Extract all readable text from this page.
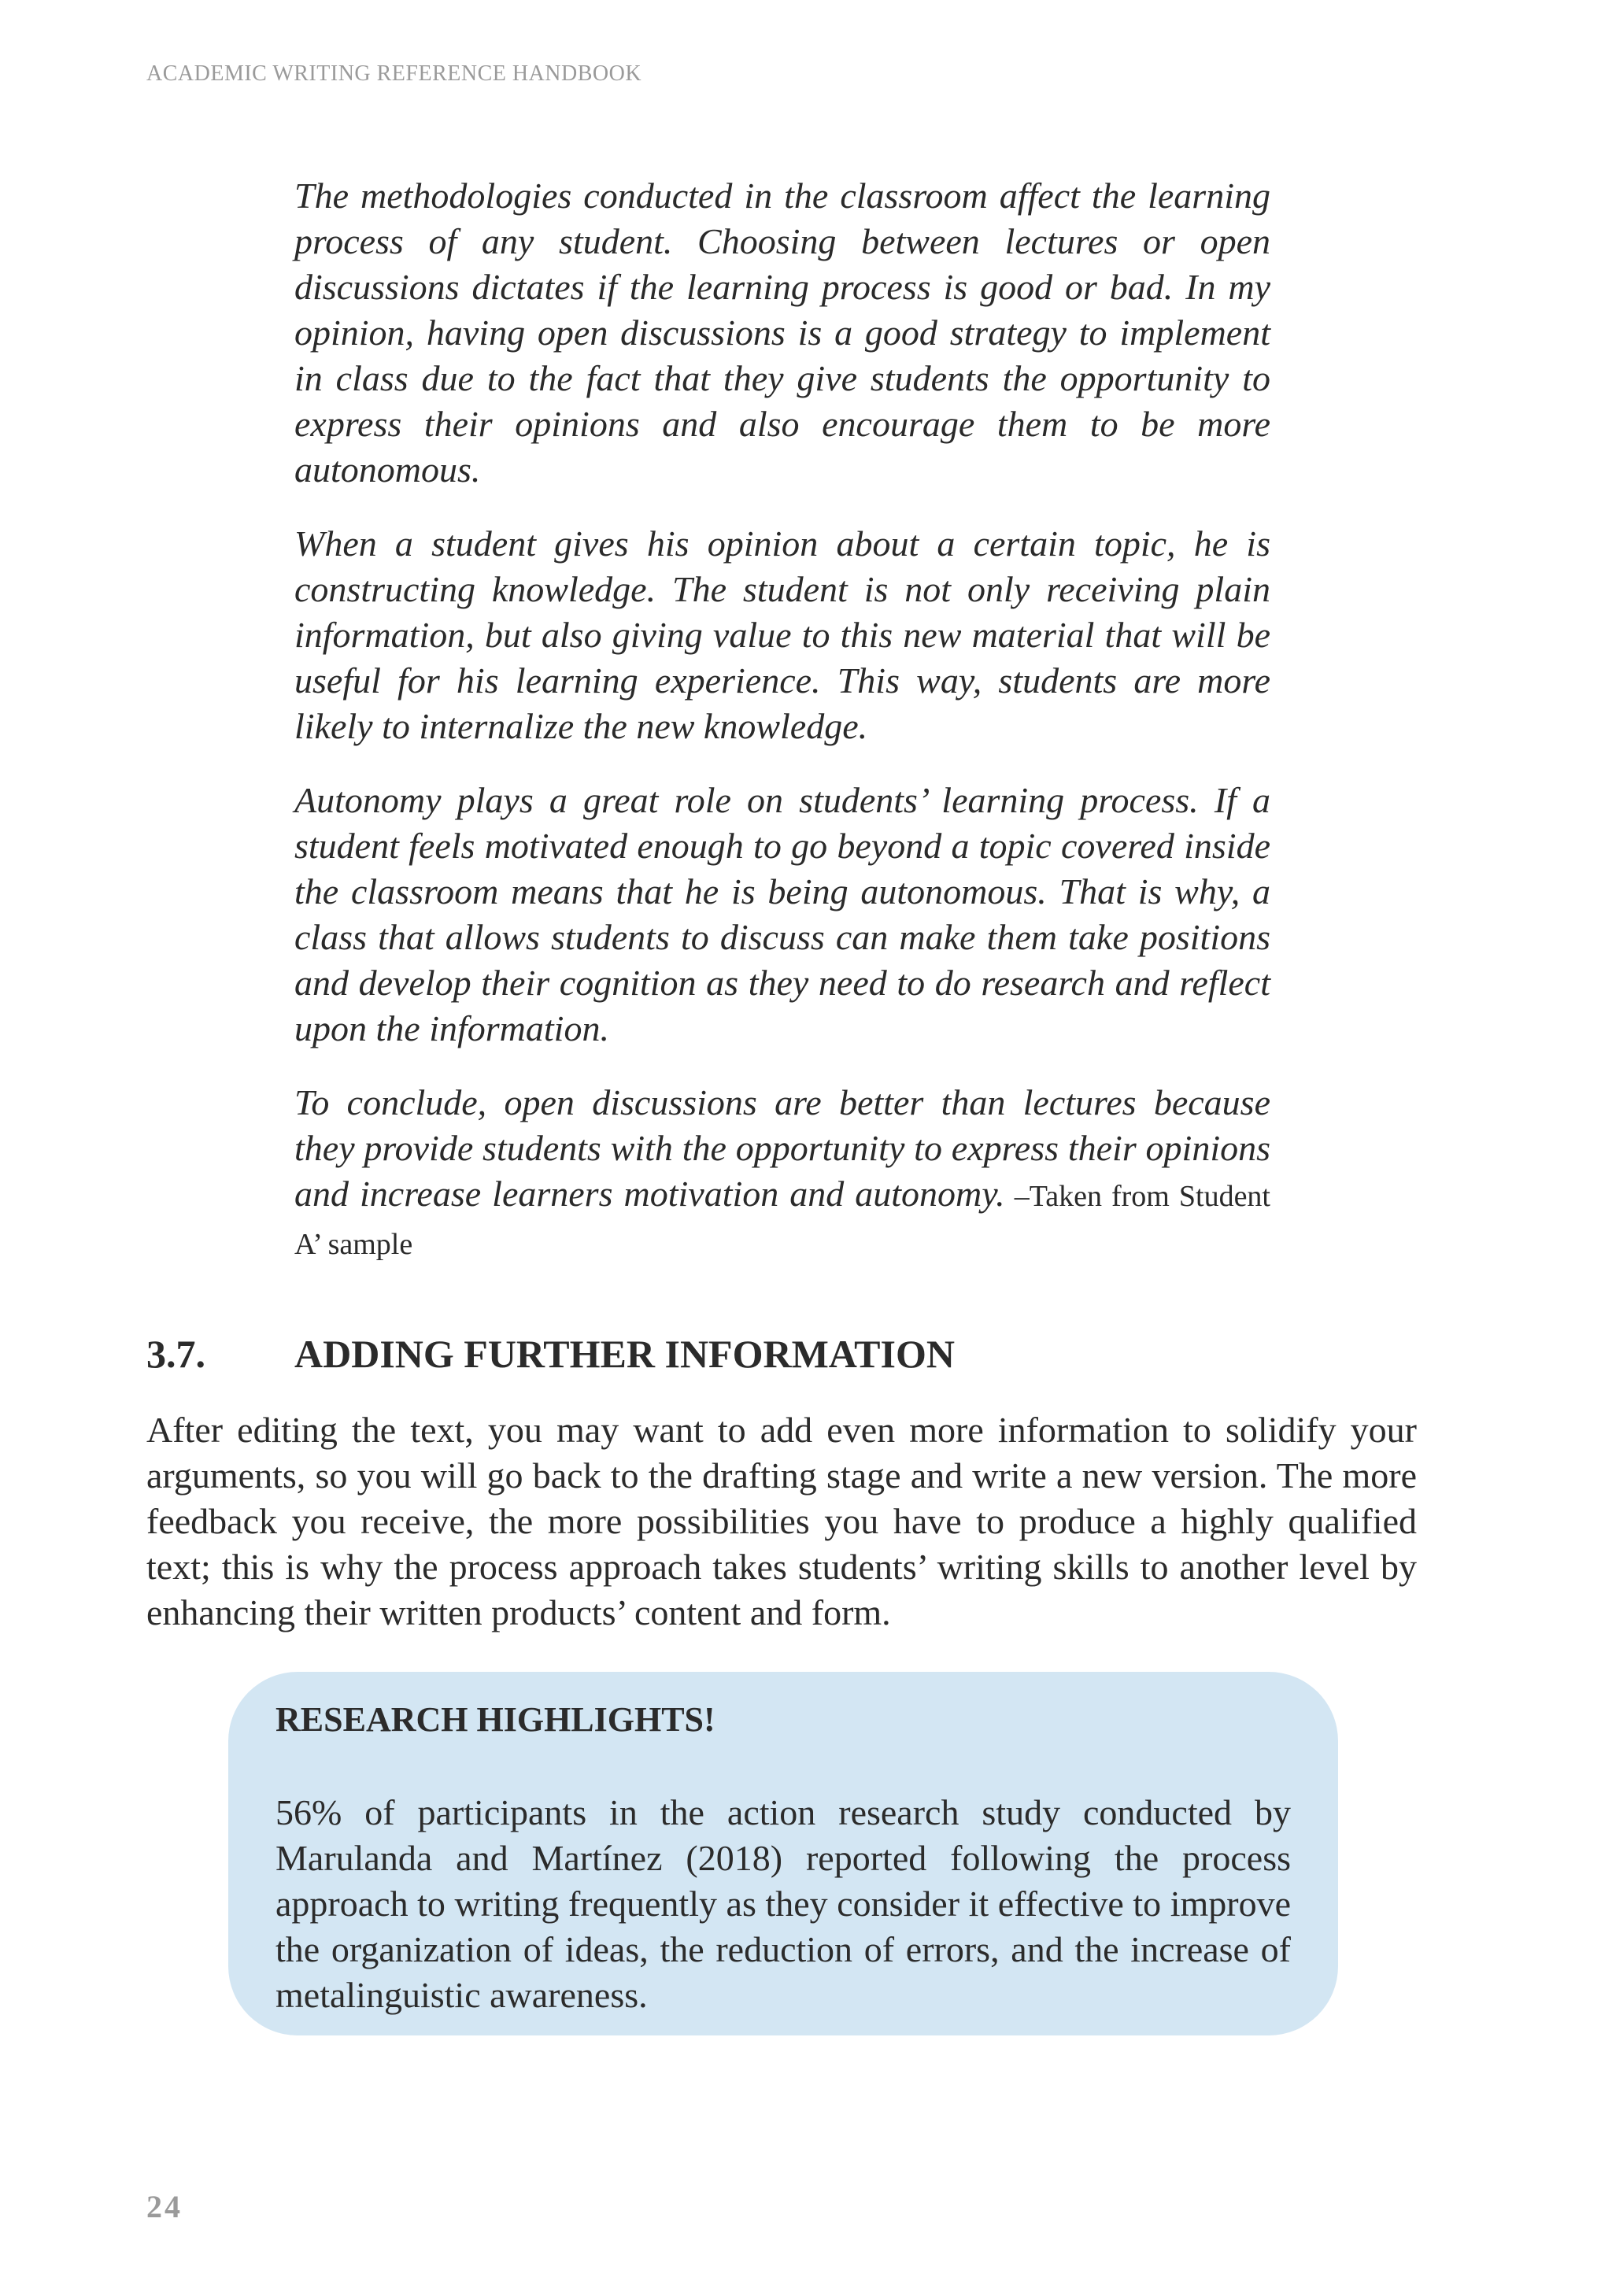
ACADEMIC WRITING REFERENCE HANDBOOK

The methodologies conducted in the classroom affect the learning process of any student. Choosing between lectures or open discussions dictates if the learning process is good or bad. In my opinion, having open discussions is a good strategy to implement in class due to the fact that they give students the opportunity to express their opinions and also encourage them to be more autonomous.

When a student gives his opinion about a certain topic, he is constructing knowledge. The student is not only receiving plain information, but also giving value to this new material that will be useful for his learning experience. This way, students are more likely to internalize the new knowledge.

Autonomy plays a great role on students’ learning process. If a student feels motivated enough to go beyond a topic covered inside the classroom means that he is being autonomous. That is why, a class that allows students to discuss can make them take positions and develop their cognition as they need to do research and reflect upon the information.

To conclude, open discussions are better than lectures because they provide students with the opportunity to express their opinions and increase learners motivation and autonomy. –Taken from Student A’ sample

3.7.	ADDING FURTHER INFORMATION

After editing the text, you may want to add even more information to solidify your arguments, so you will go back to the drafting stage and write a new version. The more feedback you receive, the more possibilities you have to produce a highly qualified text; this is why the process approach takes students’ writing skills to another level by enhancing their written products’ content and form.

RESEARCH HIGHLIGHTS!

56% of participants in the action research study conducted by Marulanda and Martínez (2018) reported following the process approach to writing frequently as they consider it effective to improve the organization of ideas, the reduction of errors, and the increase of metalinguistic awareness.

24
